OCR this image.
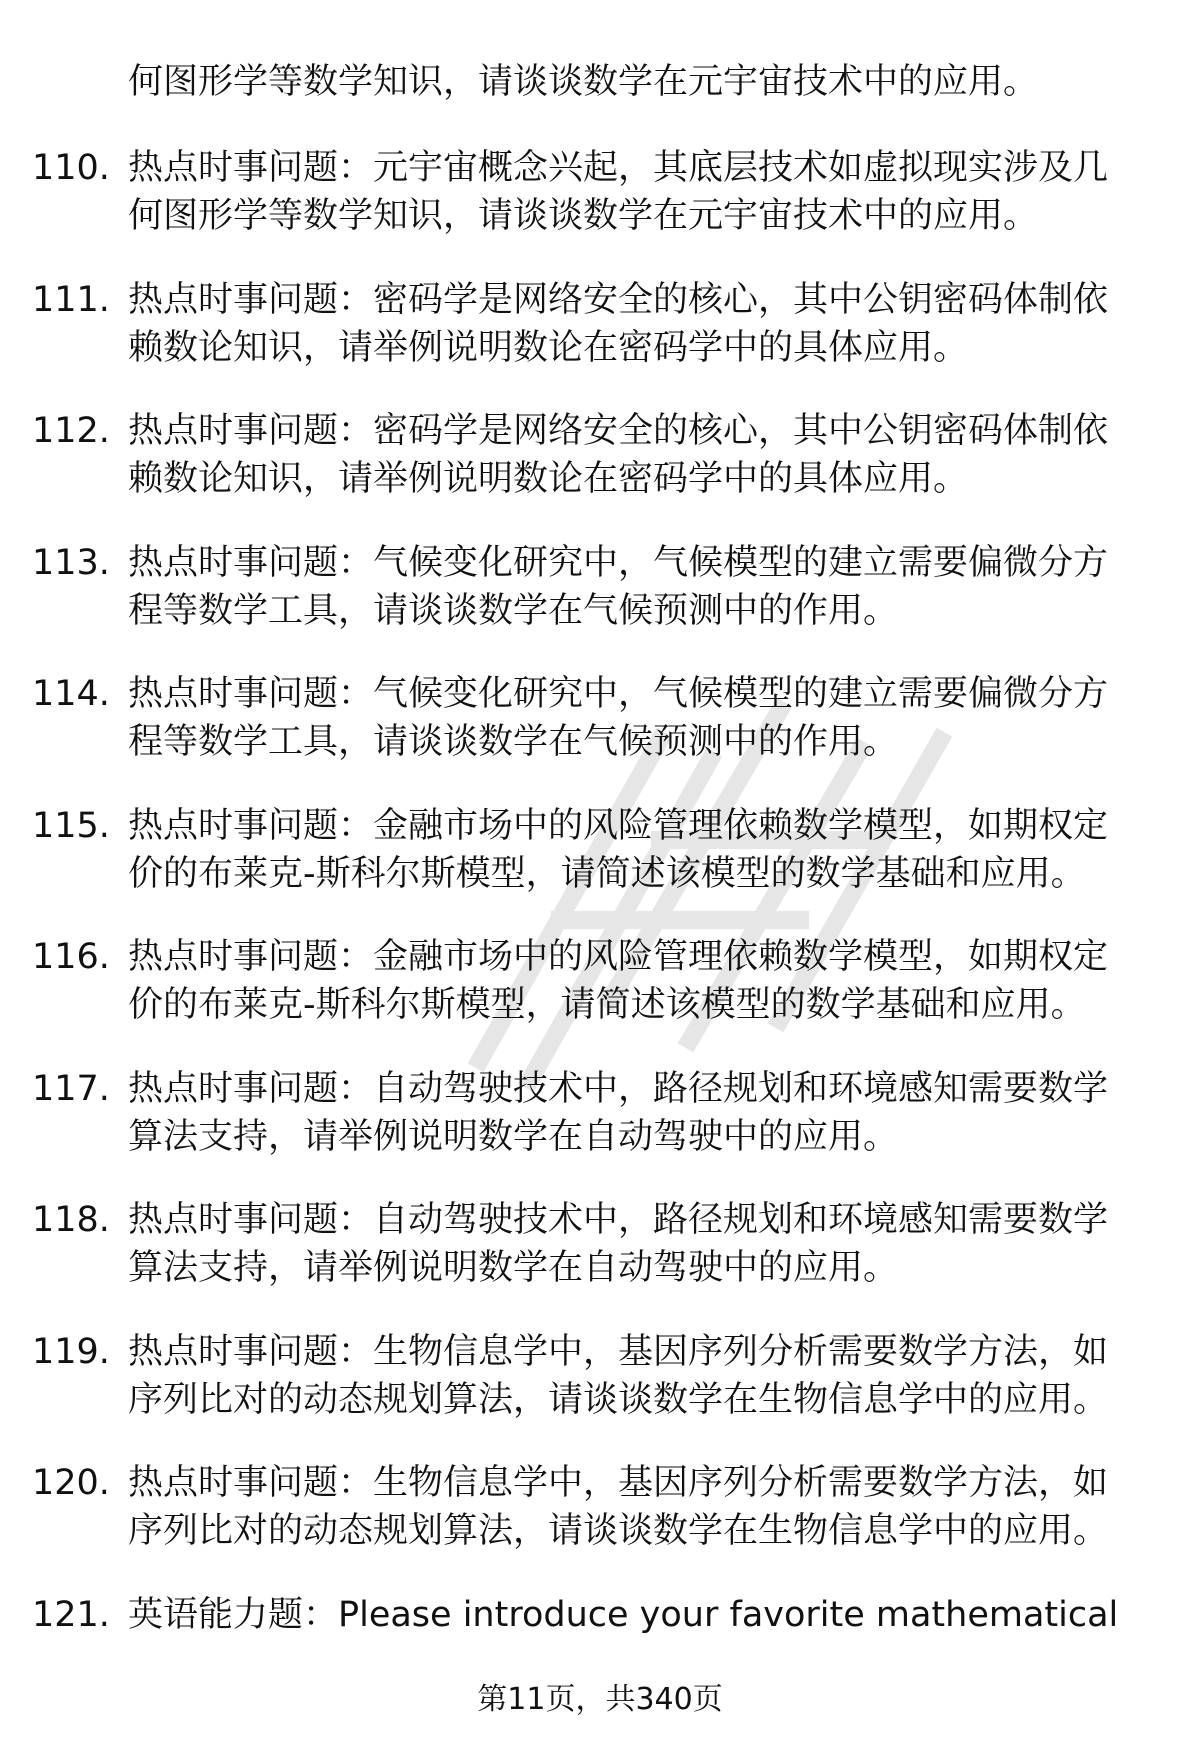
何图形学等数学知识，请谈谈数学在元宇宙技术中的应用。
110. 热点时事问题：元宇宙概念兴起，其底层技术如虚拟现实涉及几
何图形学等数学知识，请谈谈数学在元宇宙技术中的应用。
111. 热点时事问题：密码学是网络安全的核心，其中公钥密码体制依
赖数论知识，请举例说明数论在密码学中的具体应用。
112. 热点时事问题：密码学是网络安全的核心，其中公钥密码体制依
赖数论知识，请举例说明数论在密码学中的具体应用。
113. 热点时事问题：气候变化研究中，气候模型的建立需要偏微分方
程等数学工具，请谈谈数学在气候预测中的作用。
114. 热点时事问题：气候变化研究中，气候模型的建立需要偏微分方
程等数学工具，请谈谈数学在气候预测中的作用。
115. 热点时事问题：金融市场中的风险管理依赖数学模型，如期权定
价的布莱克-斯科尔斯模型，请简述该模型的数学基础和应用。
116. 热点时事问题：金融市场中的风险管理依赖数学模型，如期权定
价的布莱克-斯科尔斯模型，请简述该模型的数学基础和应用。
117. 热点时事问题：自动驾驶技术中，路径规划和环境感知需要数学
算法支持，请举例说明数学在自动驾驶中的应用。
118. 热点时事问题：自动驾驶技术中，路径规划和环境感知需要数学
算法支持，请举例说明数学在自动驾驶中的应用。
119. 热点时事问题：生物信息学中，基因序列分析需要数学方法，如
序列比对的动态规划算法，请谈谈数学在生物信息学中的应用。
120. 热点时事问题：生物信息学中，基因序列分析需要数学方法，如
序列比对的动态规划算法，请谈谈数学在生物信息学中的应用。
121. 英语能力题：Please introduce your favorite mathematical
第11页，共340页
